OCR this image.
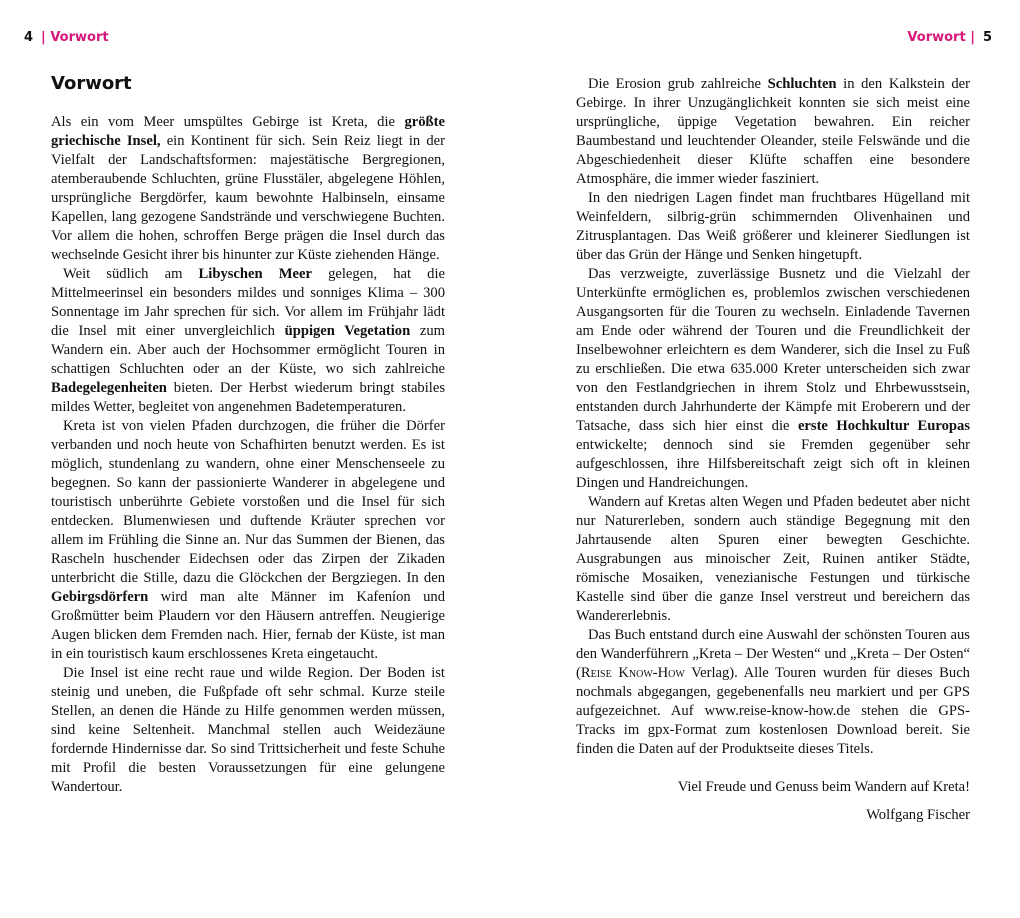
4 | Vorwort
Vorwort

Als ein vom Meer umspültes Gebirge ist Kreta, die größte griechische Insel, ein Kontinent für sich. Sein Reiz liegt in der Vielfalt der Landschaftsformen: majestätische Bergregionen, atemberaubende Schluchten, grüne Flusstäler, abgelegene Höhlen, ursprüngliche Bergdörfer, kaum bewohnte Halbinseln, einsame Kapellen, lang gezogene Sandstrände und verschwiegene Buchten. Vor allem die hohen, schroffen Berge prägen die Insel durch das wechselnde Gesicht ihrer bis hinunter zur Küste ziehenden Hänge.

Weit südlich am Libyschen Meer gelegen, hat die Mittelmeerinsel ein besonders mildes und sonniges Klima – 300 Sonnentage im Jahr sprechen für sich. Vor allem im Frühjahr lädt die Insel mit einer unvergleichlich üppigen Vegetation zum Wandern ein. Aber auch der Hochsommer ermöglicht Touren in schattigen Schluchten oder an der Küste, wo sich zahlreiche Badegelegenheiten bieten. Der Herbst wiederum bringt stabiles mildes Wetter, begleitet von angenehmen Badetemperaturen.

Kreta ist von vielen Pfaden durchzogen, die früher die Dörfer verbanden und noch heute von Schafhirten benutzt werden. Es ist möglich, stundenlang zu wandern, ohne einer Menschenseele zu begegnen. So kann der passionierte Wanderer in abgelegene und touristisch unberührte Gebiete vorstoßen und die Insel für sich entdecken. Blumenwiesen und duftende Kräuter sprechen vor allem im Frühling die Sinne an. Nur das Summen der Bienen, das Rascheln huschender Eidechsen oder das Zirpen der Zikaden unterbricht die Stille, dazu die Glöckchen der Bergziegen. In den Gebirgsdörfern wird man alte Männer im Kafeníon und Großmütter beim Plaudern vor den Häusern antreffen. Neugierige Augen blicken dem Fremden nach. Hier, fernab der Küste, ist man in ein touristisch kaum erschlossenes Kreta eingetaucht.

Die Insel ist eine recht raue und wilde Region. Der Boden ist steinig und uneben, die Fußpfade oft sehr schmal. Kurze steile Stellen, an denen die Hände zu Hilfe genommen werden müssen, sind keine Seltenheit. Manchmal stellen auch Weidezäune fordernde Hindernisse dar. So sind Trittsicherheit und feste Schuhe mit Profil die besten Voraussetzungen für eine gelungene Wandertour.

Vorwort | 5

Die Erosion grub zahlreiche Schluchten in den Kalkstein der Gebirge. In ihrer Unzugänglichkeit konnten sie sich meist eine ursprüngliche, üppige Vegetation bewahren. Ein reicher Baumbestand und leuchtender Oleander, steile Felswände und die Abgeschiedenheit dieser Klüfte schaffen eine besondere Atmosphäre, die immer wieder fasziniert.

In den niedrigen Lagen findet man fruchtbares Hügelland mit Weinfeldern, silbrig-grün schimmernden Olivenhainen und Zitrusplantagen. Das Weiß größerer und kleinerer Siedlungen ist über das Grün der Hänge und Senken hingetupft.

Das verzweigte, zuverlässige Busnetz und die Vielzahl der Unterkünfte ermöglichen es, problemlos zwischen verschiedenen Ausgangsorten für die Touren zu wechseln. Einladende Tavernen am Ende oder während der Touren und die Freundlichkeit der Inselbewohner erleichtern es dem Wanderer, sich die Insel zu Fuß zu erschließen. Die etwa 635.000 Kreter unterscheiden sich zwar von den Festlandgriechen in ihrem Stolz und Ehrbewusstsein, entstanden durch Jahrhunderte der Kämpfe mit Eroberern und der Tatsache, dass sich hier einst die erste Hochkultur Europas entwickelte; dennoch sind sie Fremden gegenüber sehr aufgeschlossen, ihre Hilfsbereitschaft zeigt sich oft in kleinen Dingen und Handreichungen.

Wandern auf Kretas alten Wegen und Pfaden bedeutet aber nicht nur Naturerleben, sondern auch ständige Begegnung mit den Jahrtausende alten Spuren einer bewegten Geschichte. Ausgrabungen aus minoischer Zeit, Ruinen antiker Städte, römische Mosaiken, venezianische Festungen und türkische Kastelle sind über die ganze Insel verstreut und bereichern das Wandererlebnis.

Das Buch entstand durch eine Auswahl der schönsten Touren aus den Wanderführern „Kreta – Der Westen“ und „Kreta – Der Osten“ (Reise Know-How Verlag). Alle Touren wurden für dieses Buch nochmals abgegangen, gegebenenfalls neu markiert und per GPS aufgezeichnet. Auf www.reise-know-how.de stehen die GPS-Tracks im gpx-Format zum kostenlosen Download bereit. Sie finden die Daten auf der Produktseite dieses Titels.

Viel Freude und Genuss beim Wandern auf Kreta!

Wolfgang Fischer
